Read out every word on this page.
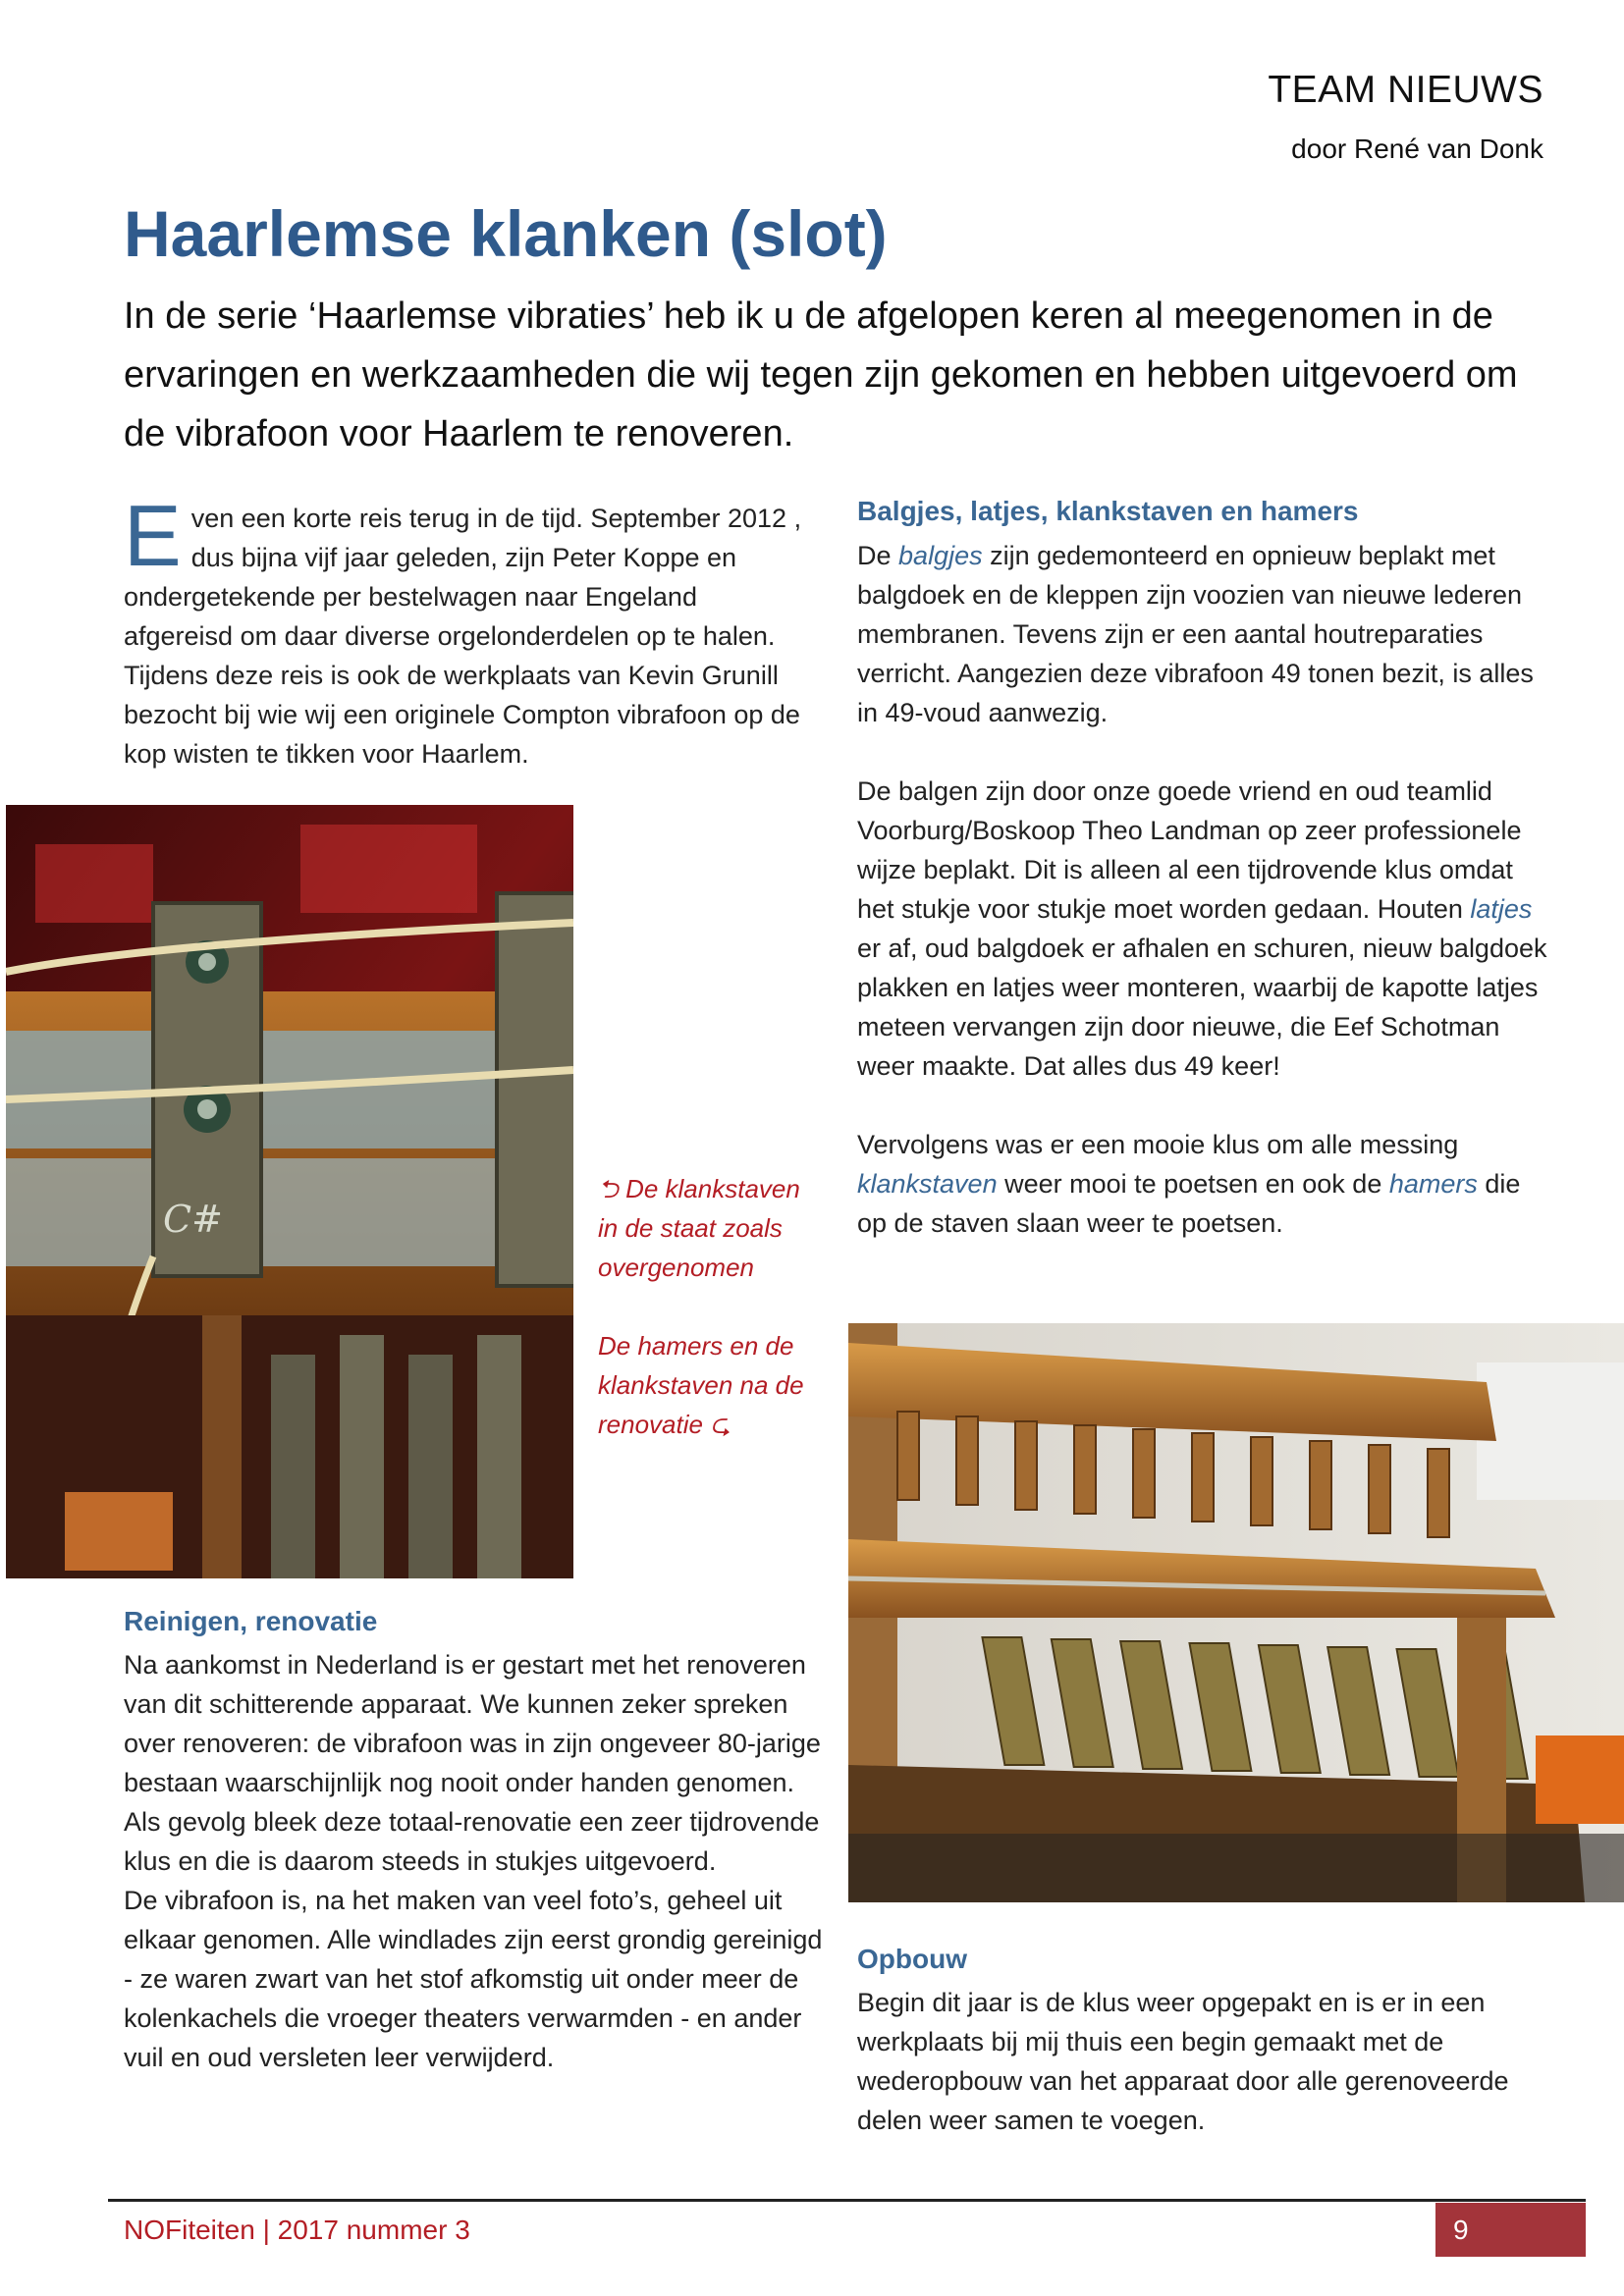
TEAM NIEUWS
door René van Donk
Haarlemse klanken (slot)
In de serie ‘Haarlemse vibraties’ heb ik u de afgelopen keren al meegenomen in de ervaringen en werkzaamheden die wij tegen zijn gekomen en hebben uitgevoerd om de vibrafoon voor Haarlem te renoveren.
Even een korte reis terug in de tijd. September 2012 , dus bijna vijf jaar geleden, zijn Peter Koppe en ondergetekende per bestelwagen naar Engeland afgereisd om daar diverse orgelonderdelen op te halen. Tijdens deze reis is ook de werkplaats van Kevin Grunill bezocht bij wie wij een originele Compton vibrafoon op de kop wisten te tikken voor Haarlem.
C#

⮌ De klankstaven in de staat zoals overgenomen

De hamers en de klankstaven na de renovatie ⮎

Reinigen, renovatie

Na aankomst in Nederland is er gestart met het renoveren van dit schitterende apparaat. We kunnen zeker spreken over renoveren: de vibrafoon was in zijn ongeveer 80-jarige bestaan waarschijnlijk nog nooit onder handen genomen. Als gevolg bleek deze totaal-renovatie een zeer tijdrovende klus en die is daarom steeds in stukjes uitgevoerd.

De vibrafoon is, na het maken van veel foto’s, geheel uit elkaar genomen. Alle windlades zijn eerst grondig gereinigd - ze waren zwart van het stof afkomstig uit onder meer de kolenkachels die vroeger theaters verwarmden - en ander vuil en oud versleten leer verwijderd.

Balgjes, latjes, klankstaven en hamers

De balgjes zijn gedemonteerd en opnieuw beplakt met balgdoek en de kleppen zijn voozien van nieuwe lederen membranen. Tevens zijn er een aantal houtreparaties verricht. Aangezien deze vibrafoon 49 tonen bezit, is alles in 49-voud aanwezig.

De balgen zijn door onze goede vriend en oud teamlid Voorburg/Boskoop Theo Landman op zeer professionele wijze beplakt. Dit is alleen al een tijdrovende klus omdat het stukje voor stukje moet worden gedaan. Houten latjes er af, oud balgdoek er afhalen en schuren, nieuw balgdoek plakken en latjes weer monteren, waarbij de kapotte latjes meteen vervangen zijn door nieuwe, die Eef Schotman weer maakte. Dat alles dus 49 keer!

Vervolgens was er een mooie klus om alle messing klankstaven weer mooi te poetsen en ook de hamers die op de staven slaan weer te poetsen.

Opbouw

Begin dit jaar is de klus weer opgepakt en is er in een werkplaats bij mij thuis een begin gemaakt met de wederopbouw van het apparaat door alle gerenoveerde delen weer samen te voegen.

NOFiteiten | 2017 nummer 3	9
